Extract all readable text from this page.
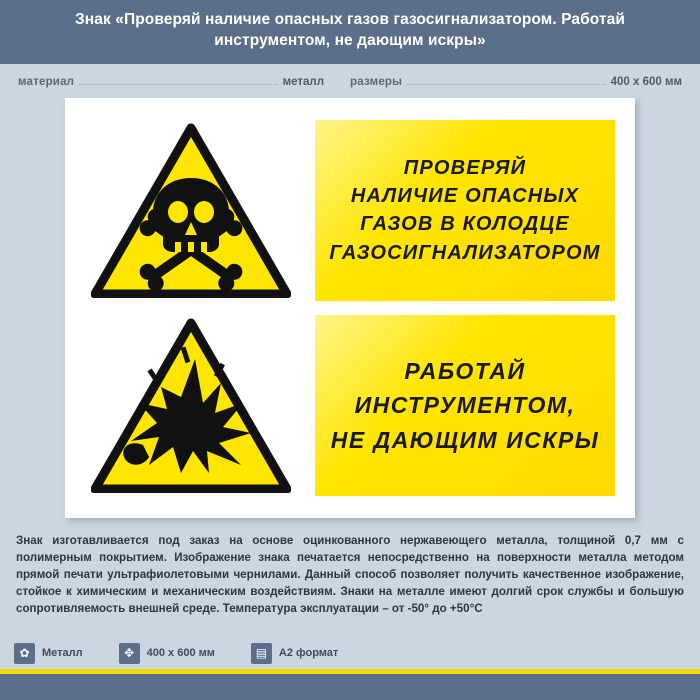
Знак «Проверяй наличие опасных газов газосигнализатором. Работай инструментом, не дающим искры»
материал	металл размеры	400 x 600 мм
ПРОВЕРЯЙ
НАЛИЧИЕ ОПАСНЫХ
ГАЗОВ В КОЛОДЦЕ
ГАЗОСИГНАЛИЗАТОРОМ
РАБОТАЙ
ИНСТРУМЕНТОМ,
НЕ ДАЮЩИМ ИСКРЫ
Знак изготавливается под заказ на основе оцинкованного нержавеющего металла, толщиной 0,7 мм с полимерным покрытием. Изображение знака печатается непосредственно на поверхности металла методом прямой печати ультрафиолетовыми чернилами. Данный способ позволяет получить качественное изображение, стойкое к химическим и механическим воздействиям. Знаки на металле имеют долгий срок службы и большую сопротивляемость внешней среде. Температура эксплуатации – от -50° до +50°С
✿	Металл	✥	400 x 600 мм	▤	A2 формат
